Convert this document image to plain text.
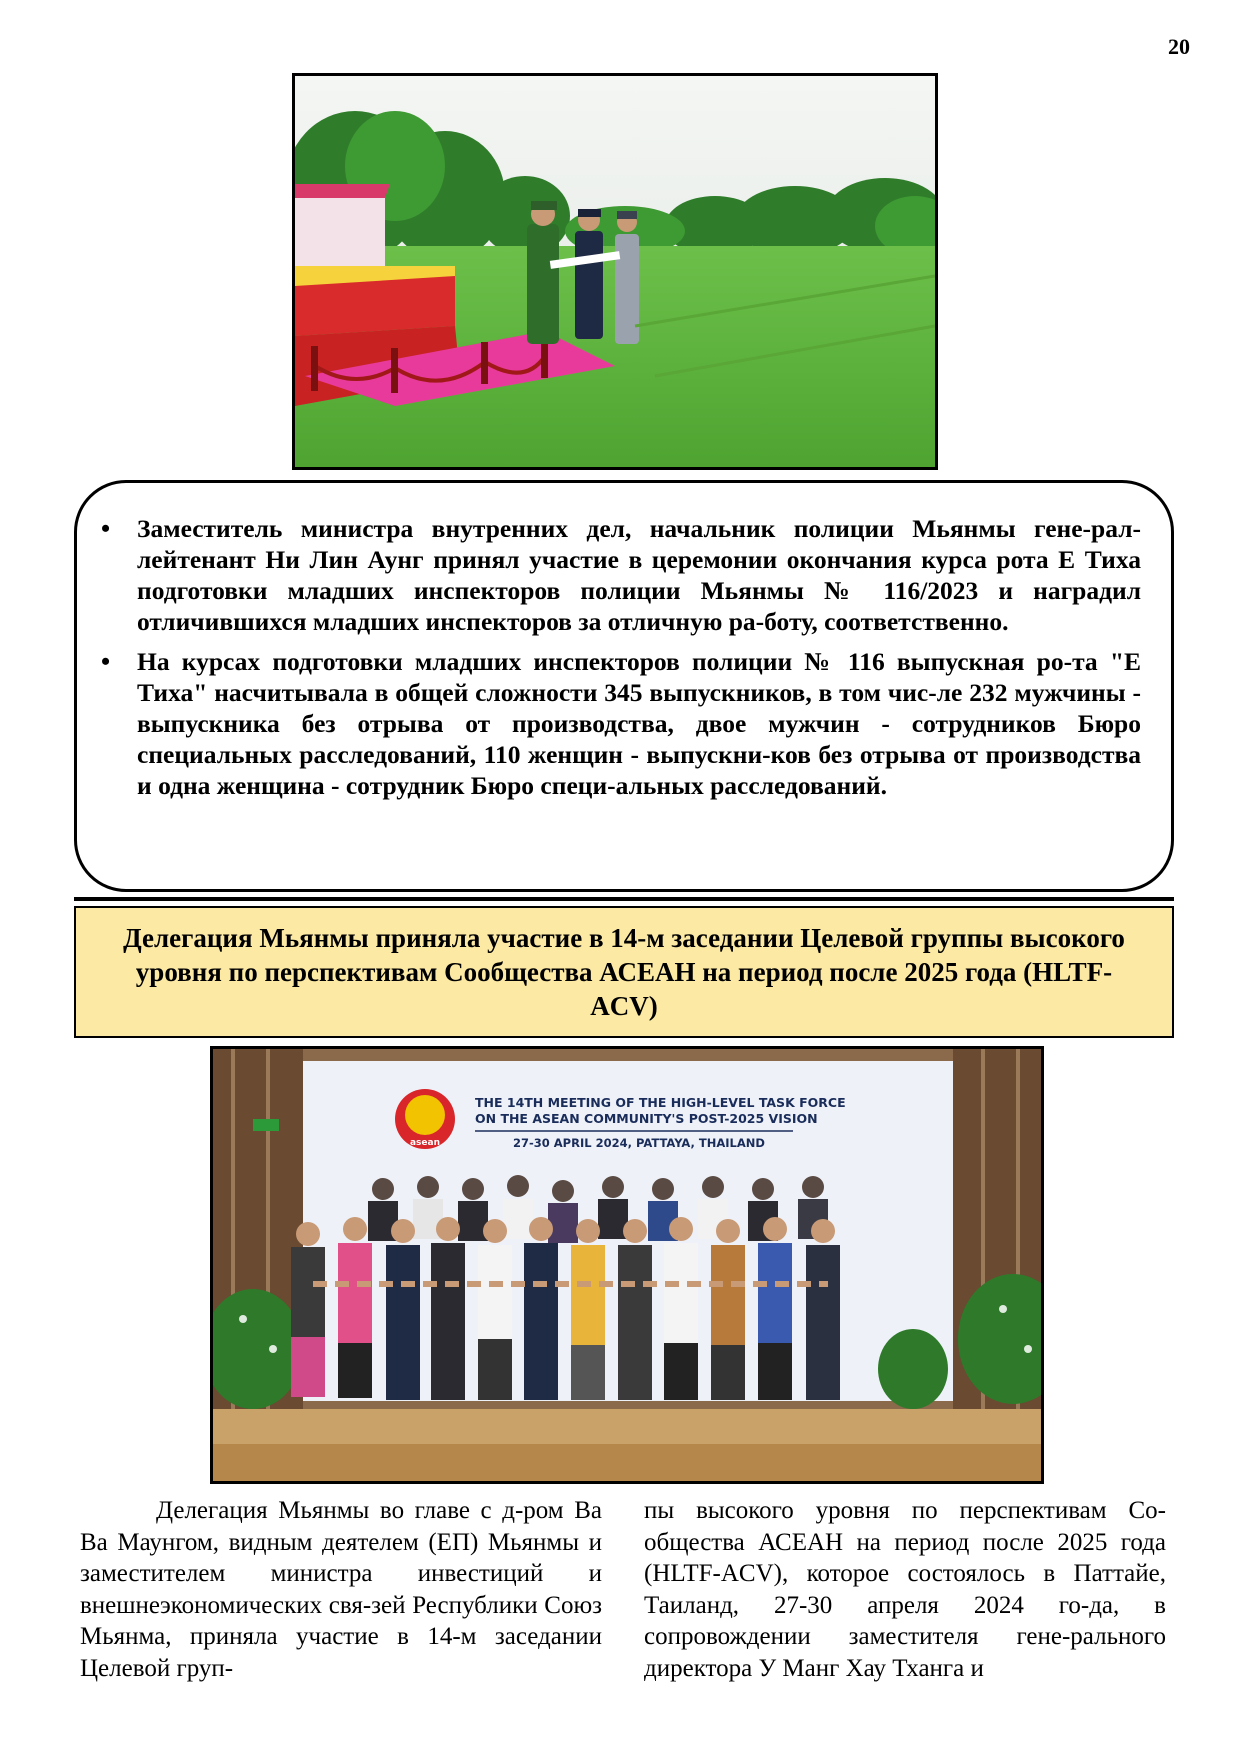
20
• Заместитель министра внутренних дел, начальник полиции Мьянмы гене-рал-лейтенант Ни Лин Аунг принял участие в церемонии окончания курса рота Е Тиха подготовки младших инспекторов полиции Мьянмы № 116/2023 и наградил отличившихся младших инспекторов за отличную ра-боту, соответственно.
• На курсах подготовки младших инспекторов полиции № 116 выпускная ро-та "Е Тиха" насчитывала в общей сложности 345 выпускников, в том чис-ле 232 мужчины - выпускника без отрыва от производства, двое мужчин - сотрудников Бюро специальных расследований, 110 женщин - выпускни-ков без отрыва от производства и одна женщина - сотрудник Бюро специ-альных расследований.
Делегация Мьянмы приняла участие в 14-м заседании Целевой группы высокого уровня по перспективам Сообщества АСЕАН на период после 2025 года (HLTF-ACV)
asean
THE 14TH MEETING OF THE HIGH-LEVEL TASK FORCE
ON THE ASEAN COMMUNITY'S POST-2025 VISION
27-30 APRIL 2024, PATTAYA, THAILAND

Делегация Мьянмы во главе с д-ром Ва Ва Маунгом, видным деятелем (ЕП) Мьянмы и заместителем министра инвестиций и внешнеэкономических свя-зей Республики Союз Мьянма, приняла участие в 14-м заседании Целевой груп-

пы высокого уровня по перспективам Со-общества АСЕАН на период после 2025 года (HLTF-ACV), которое состоялось в Паттайе, Таиланд, 27-30 апреля 2024 го-да, в сопровождении заместителя гене-рального директора У Манг Хау Тханга и
